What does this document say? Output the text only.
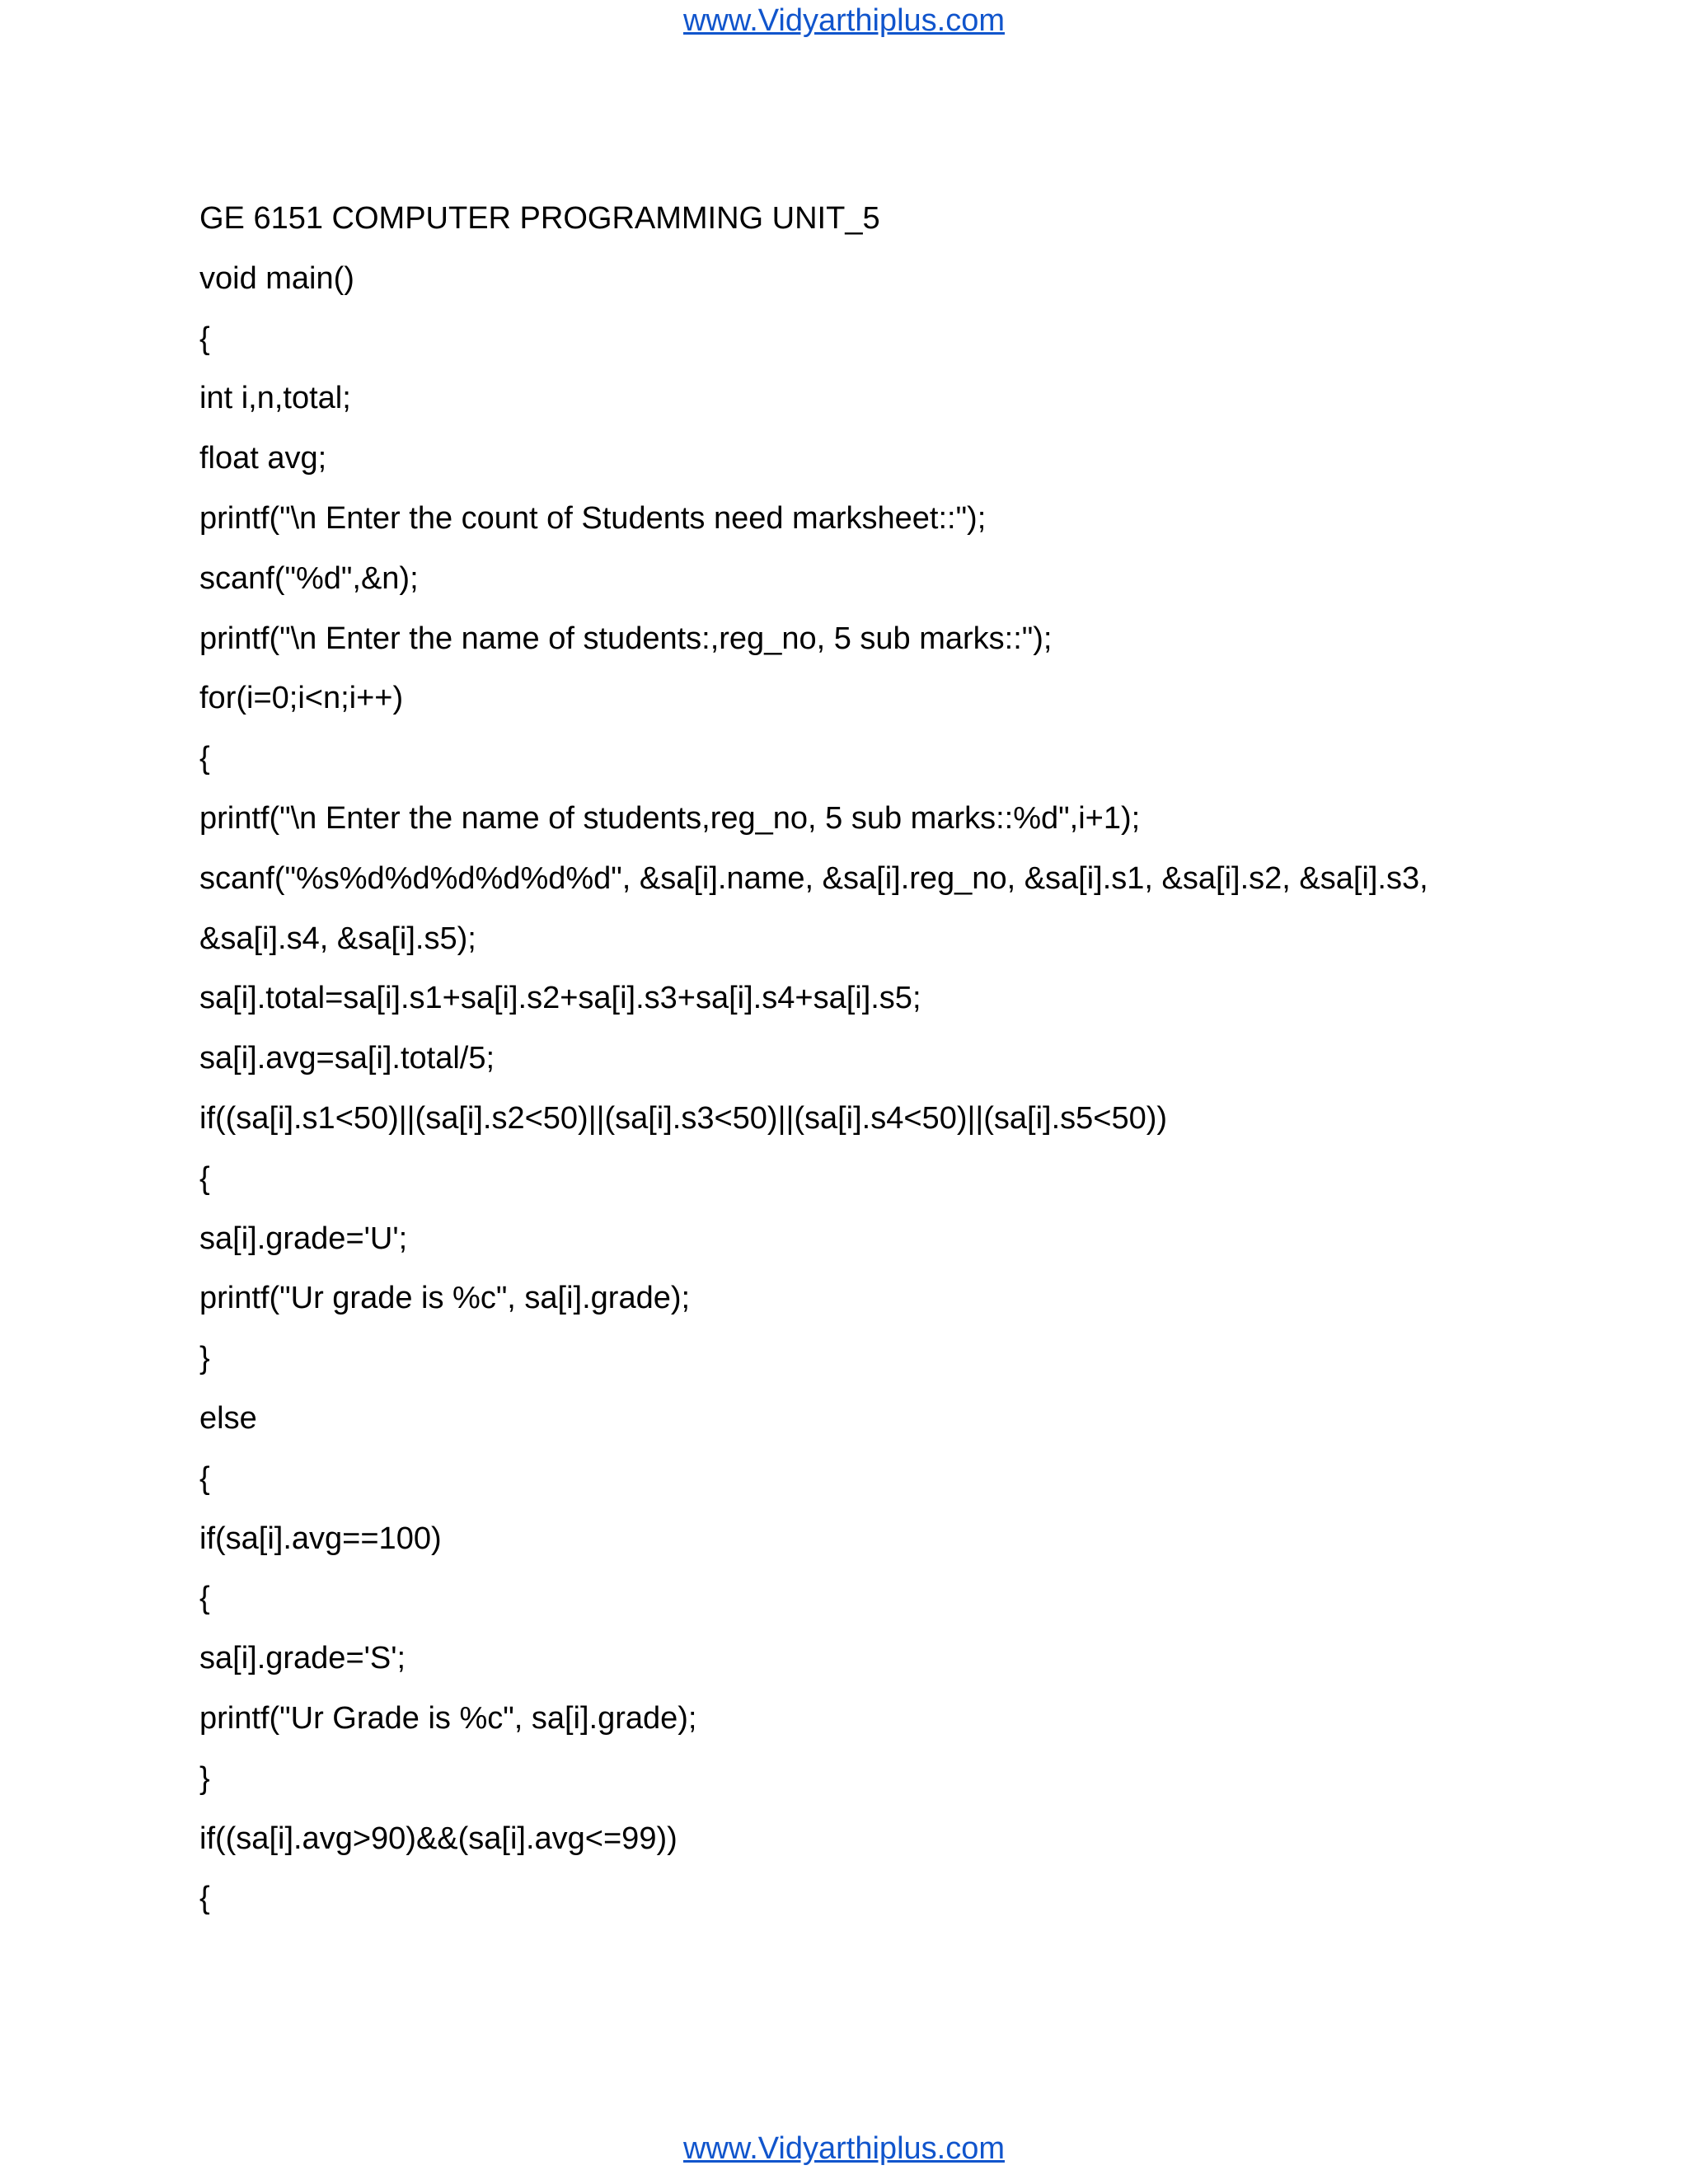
www.Vidyarthiplus.com
GE 6151 COMPUTER PROGRAMMING UNIT_5
void main()
{
int i,n,total;
float avg;
printf("\n Enter the count of Students need marksheet::");
scanf("%d",&n);
printf("\n Enter the name of students:,reg_no, 5 sub marks::");
for(i=0;i<n;i++)
{
printf("\n Enter the name of students,reg_no, 5 sub marks::%d",i+1);
scanf("%s%d%d%d%d%d%d", &sa[i].name, &sa[i].reg_no, &sa[i].s1, &sa[i].s2, &sa[i].s3,
&sa[i].s4, &sa[i].s5);
sa[i].total=sa[i].s1+sa[i].s2+sa[i].s3+sa[i].s4+sa[i].s5;
sa[i].avg=sa[i].total/5;
if((sa[i].s1<50)||(sa[i].s2<50)||(sa[i].s3<50)||(sa[i].s4<50)||(sa[i].s5<50))
{
sa[i].grade='U';
printf("Ur grade is %c", sa[i].grade);
}
else
{
if(sa[i].avg==100)
{
sa[i].grade='S';
printf("Ur Grade is %c", sa[i].grade);
}
if((sa[i].avg>90)&&(sa[i].avg<=99))
{
www.Vidyarthiplus.com
